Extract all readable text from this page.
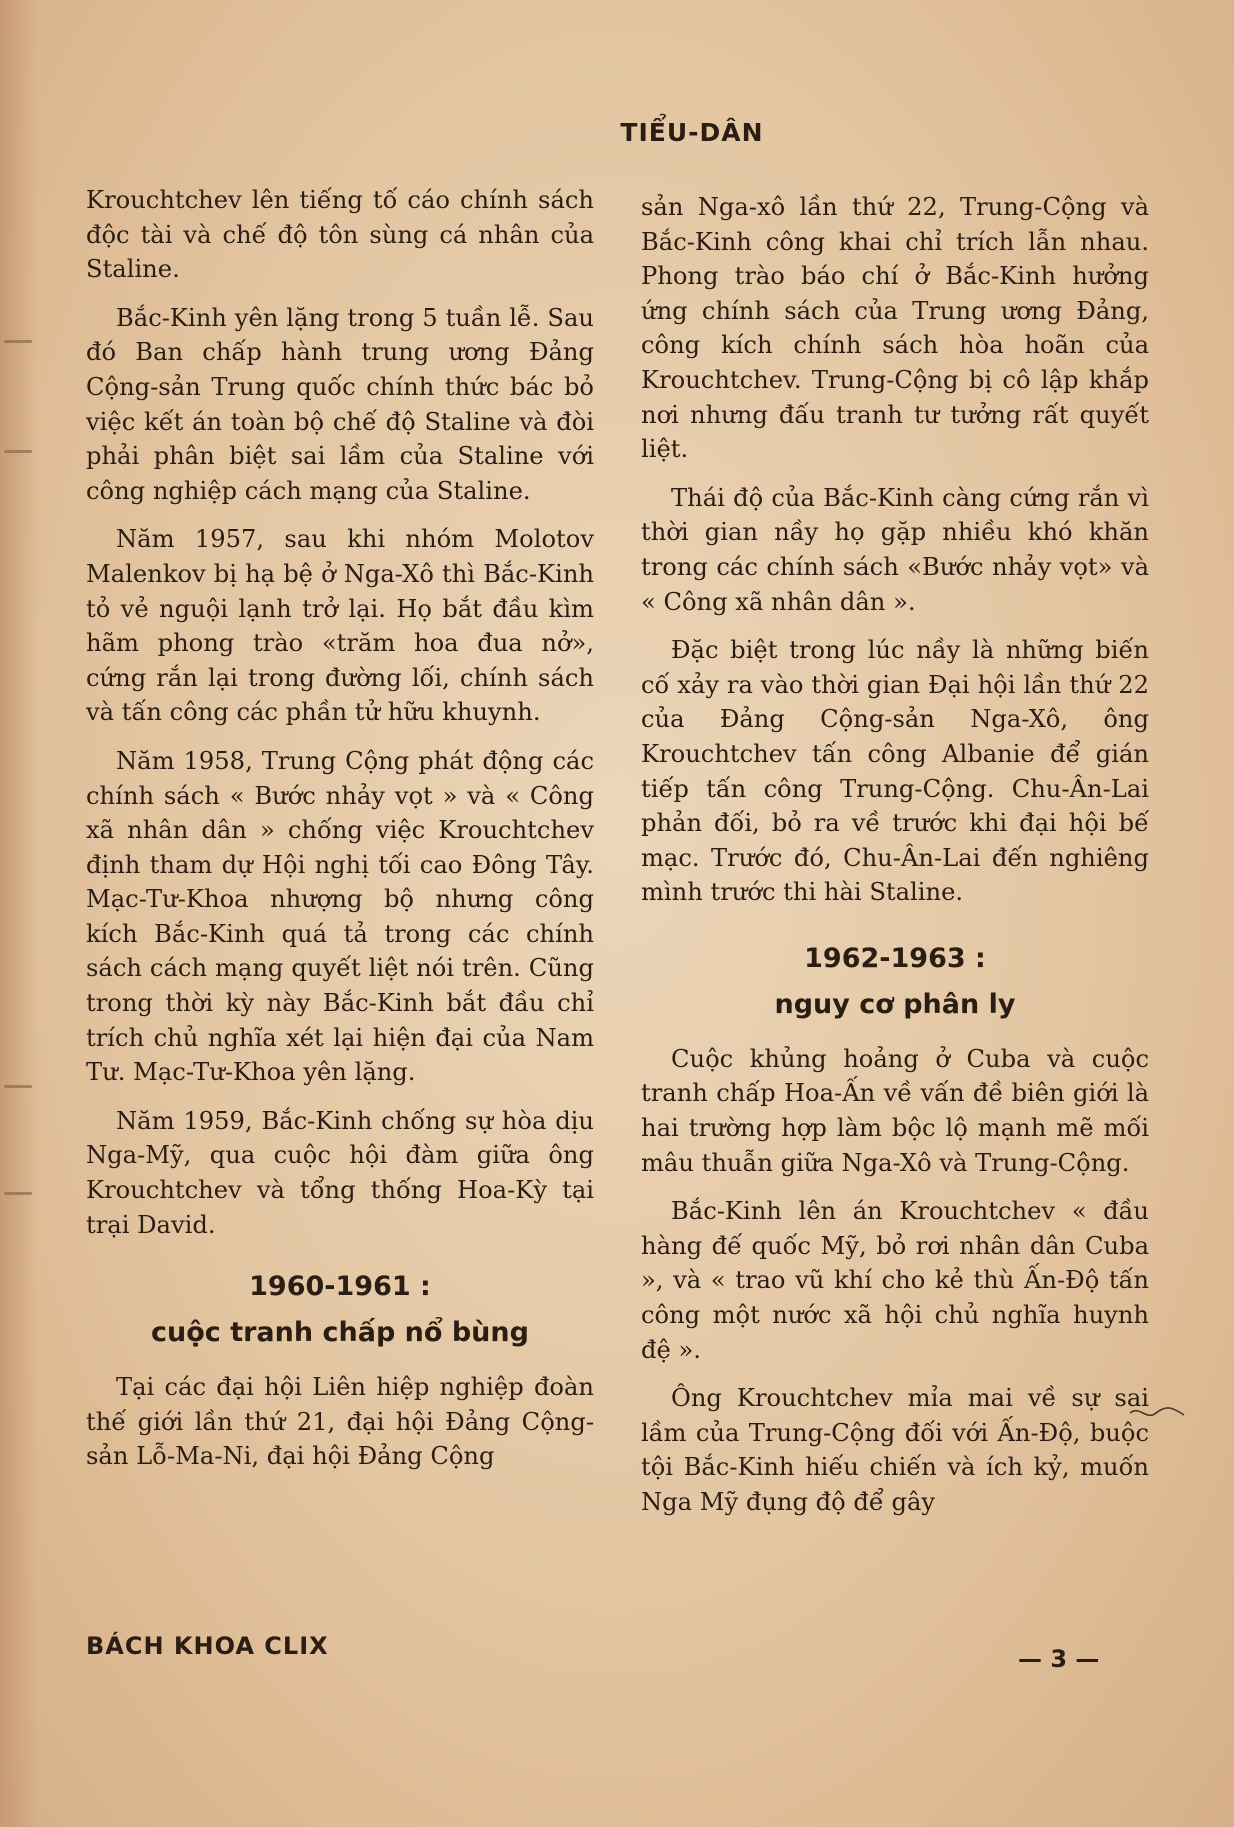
TIỂU-DÂN

Krouchtchev lên tiếng tố cáo chính sách độc tài và chế độ tôn sùng cá nhân của Staline.

Bắc-Kinh yên lặng trong 5 tuần lễ. Sau đó Ban chấp hành trung ương Đảng Cộng-sản Trung quốc chính thức bác bỏ việc kết án toàn bộ chế độ Staline và đòi phải phân biệt sai lầm của Staline với công nghiệp cách mạng của Staline.

Năm 1957, sau khi nhóm Molotov Malenkov bị hạ bệ ở Nga-Xô thì Bắc-Kinh tỏ vẻ nguội lạnh trở lại. Họ bắt đầu kìm hãm phong trào «trăm hoa đua nở», cứng rắn lại trong đường lối, chính sách và tấn công các phần tử hữu khuynh.

Năm 1958, Trung Cộng phát động các chính sách « Bước nhảy vọt » và « Công xã nhân dân » chống việc Krouchtchev định tham dự Hội nghị tối cao Đông Tây. Mạc-Tư-Khoa nhượng bộ nhưng công kích Bắc-Kinh quá tả trong các chính sách cách mạng quyết liệt nói trên. Cũng trong thời kỳ này Bắc-Kinh bắt đầu chỉ trích chủ nghĩa xét lại hiện đại của Nam Tư. Mạc-Tư-Khoa yên lặng.

Năm 1959, Bắc-Kinh chống sự hòa dịu Nga-Mỹ, qua cuộc hội đàm giữa ông Krouchtchev và tổng thống Hoa-Kỳ tại trại David.

1960-1961 :
cuộc tranh chấp nổ bùng

Tại các đại hội Liên hiệp nghiệp đoàn thế giới lần thứ 21, đại hội Đảng Cộng-sản Lỗ-Ma-Ni, đại hội Đảng Cộng

sản Nga-xô lần thứ 22, Trung-Cộng và Bắc-Kinh công khai chỉ trích lẫn nhau. Phong trào báo chí ở Bắc-Kinh hưởng ứng chính sách của Trung ương Đảng, công kích chính sách hòa hoãn của Krouchtchev. Trung-Cộng bị cô lập khắp nơi nhưng đấu tranh tư tưởng rất quyết liệt.

Thái độ của Bắc-Kinh càng cứng rắn vì thời gian nầy họ gặp nhiều khó khăn trong các chính sách «Bước nhảy vọt» và « Công xã nhân dân ».

Đặc biệt trong lúc nầy là những biến cố xảy ra vào thời gian Đại hội lần thứ 22 của Đảng Cộng-sản Nga-Xô, ông Krouchtchev tấn công Albanie để gián tiếp tấn công Trung-Cộng. Chu-Ân-Lai phản đối, bỏ ra về trước khi đại hội bế mạc. Trước đó, Chu-Ân-Lai đến nghiêng mình trước thi hài Staline.

1962-1963 :
nguy cơ phân ly

Cuộc khủng hoảng ở Cuba và cuộc tranh chấp Hoa-Ấn về vấn đề biên giới là hai trường hợp làm bộc lộ mạnh mẽ mối mâu thuẫn giữa Nga-Xô và Trung-Cộng.

Bắc-Kinh lên án Krouchtchev « đầu hàng đế quốc Mỹ, bỏ rơi nhân dân Cuba », và « trao vũ khí cho kẻ thù Ấn-Độ tấn công một nước xã hội chủ nghĩa huynh đệ ».

Ông Krouchtchev mỉa mai về sự sai lầm của Trung-Cộng đối với Ấn-Độ, buộc tội Bắc-Kinh hiếu chiến và ích kỷ, muốn Nga Mỹ đụng độ để gây

BÁCH KHOA CLIX	— 3 —
